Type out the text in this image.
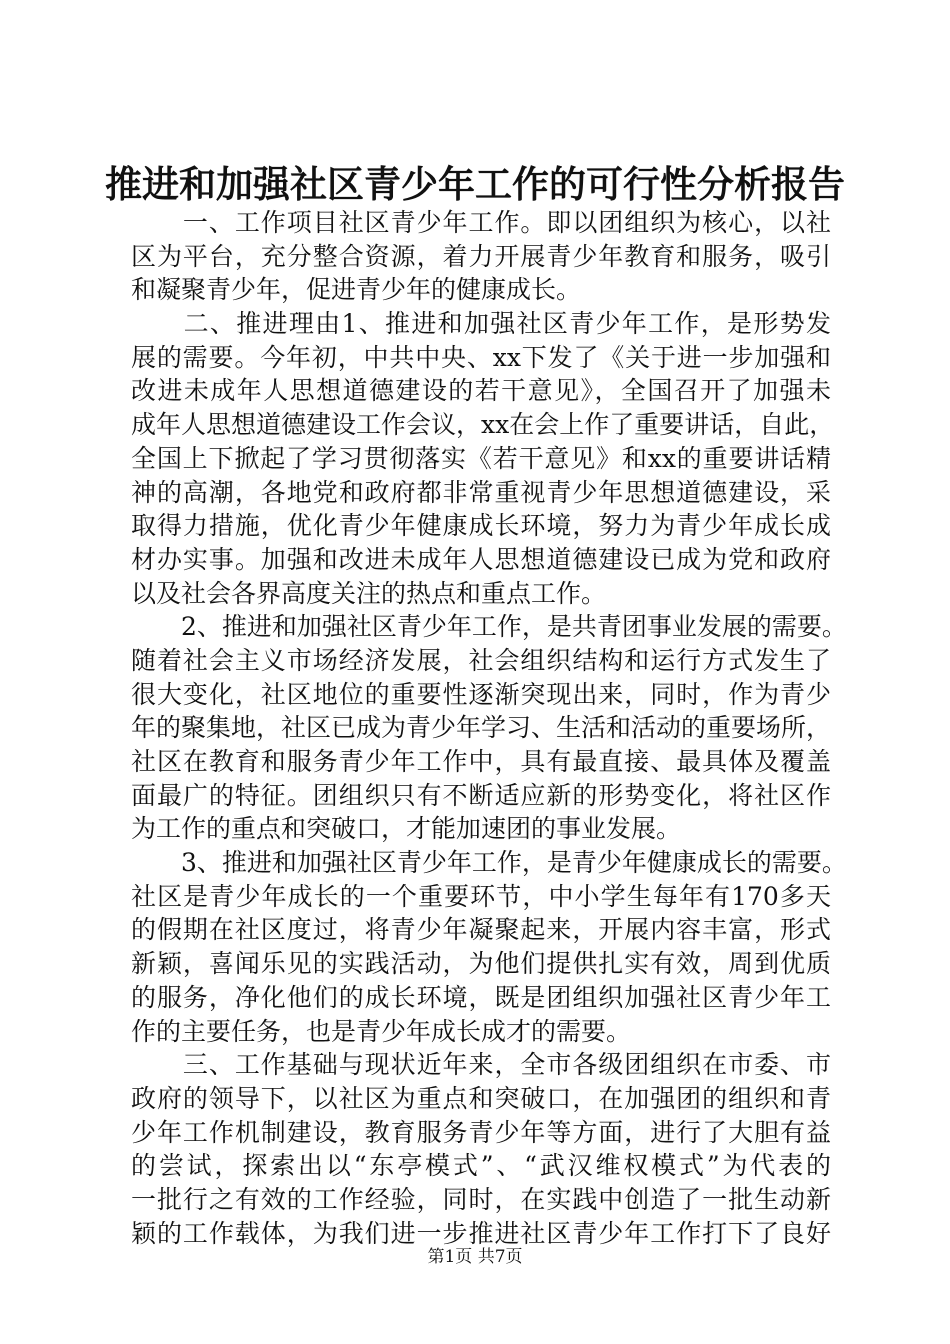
推进和加强社区青少年工作的可行性分析报告
　　一、工作项目社区青少年工作。即以团组织为核心，以社
区为平台，充分整合资源，着力开展青少年教育和服务，吸引
和凝聚青少年，促进青少年的健康成长。
　　二、推进理由1、推进和加强社区青少年工作，是形势发
展的需要。今年初，中共中央、xx下发了《关于进一步加强和
改进未成年人思想道德建设的若干意见》，全国召开了加强未
成年人思想道德建设工作会议，xx在会上作了重要讲话，自此，
全国上下掀起了学习贯彻落实《若干意见》和xx的重要讲话精
神的高潮，各地党和政府都非常重视青少年思想道德建设，采
取得力措施，优化青少年健康成长环境，努力为青少年成长成
材办实事。加强和改进未成年人思想道德建设已成为党和政府
以及社会各界高度关注的热点和重点工作。
　　2、推进和加强社区青少年工作，是共青团事业发展的需要。
随着社会主义市场经济发展，社会组织结构和运行方式发生了
很大变化，社区地位的重要性逐渐突现出来，同时，作为青少
年的聚集地，社区已成为青少年学习、生活和活动的重要场所，
社区在教育和服务青少年工作中，具有最直接、最具体及覆盖
面最广的特征。团组织只有不断适应新的形势变化，将社区作
为工作的重点和突破口，才能加速团的事业发展。
　　3、推进和加强社区青少年工作，是青少年健康成长的需要。
社区是青少年成长的一个重要环节，中小学生每年有170多天
的假期在社区度过，将青少年凝聚起来，开展内容丰富，形式
新颖，喜闻乐见的实践活动，为他们提供扎实有效，周到优质
的服务，净化他们的成长环境，既是团组织加强社区青少年工
作的主要任务，也是青少年成长成才的需要。
　　三、工作基础与现状近年来，全市各级团组织在市委、市
政府的领导下，以社区为重点和突破口，在加强团的组织和青
少年工作机制建设，教育服务青少年等方面，进行了大胆有益
的尝试，探索出以“东亭模式”、“武汉维权模式”为代表的
一批行之有效的工作经验，同时，在实践中创造了一批生动新
颖的工作载体，为我们进一步推进社区青少年工作打下了良好
第1页 共7页
